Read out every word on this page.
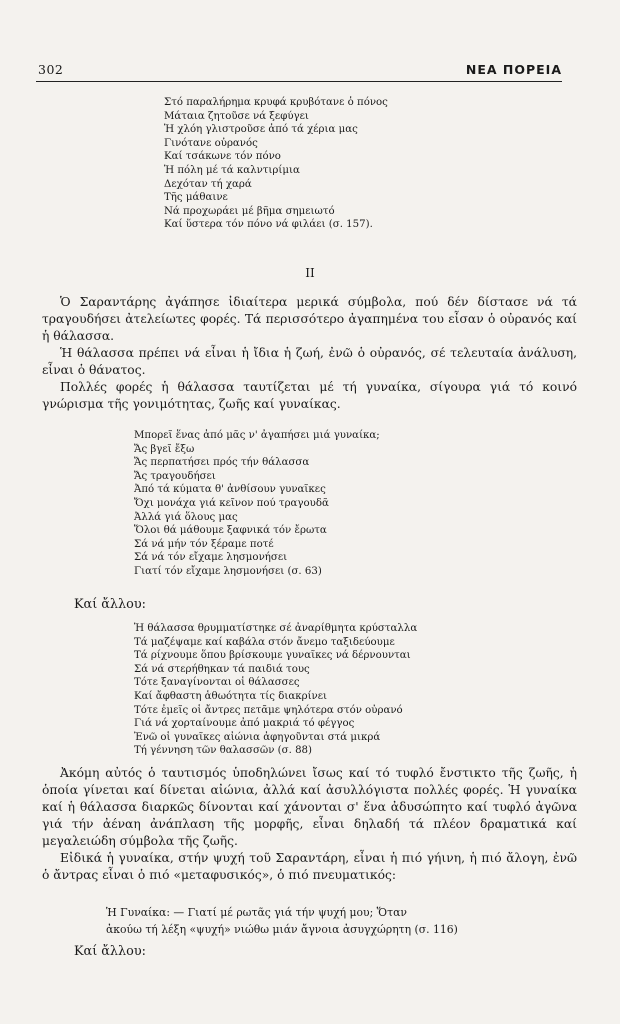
302	ΝΕΑ ΠΟΡΕΙΑ
Στό παραλήρημα κρυφά κρυβότανε ὁ πόνος
Μάταια ζητοῦσε νά ξεφύγει
Ἡ χλόη γλιστροῦσε ἀπό τά χέρια μας
Γινότανε οὐρανός
Καί τσάκωνε τόν πόνο
Ἡ πόλη μέ τά καλντιρίμια
Δεχόταν τή χαρά
Τῆς μάθαινε
Νά προχωράει μέ βῆμα σημειωτό
Καί ὕστερα τόν πόνο νά φιλάει (σ. 157).
II

Ὁ Σαραντάρης ἀγάπησε ἰδιαίτερα μερικά σύμβολα, πού δέν δίστασε νά τά τραγουδήσει ἀτελείωτες φορές. Τά περισσότερο ἀγαπημένα του εἶσαν ὁ οὐρανός καί ἡ θάλασσα.

Ἡ θάλασσα πρέπει νά εἶναι ἡ ἴδια ἡ ζωή, ἐνῶ ὁ οὐρανός, σέ τελευταία ἀνάλυση, εἶναι ὁ θάνατος.

Πολλές φορές ἡ θάλασσα ταυτίζεται μέ τή γυναίκα, σίγουρα γιά τό κοινό γνώρισμα τῆς γονιμότητας, ζωῆς καί γυναίκας.

Μπορεῖ ἕνας ἀπό μᾶς ν' ἀγαπήσει μιά γυναίκα;
Ἄς βγεῖ ἔξω
Ἄς περπατήσει πρός τήν θάλασσα
Ἄς τραγουδήσει
Ἀπό τά κύματα θ' ἀνθίσουν γυναῖκες
Ὄχι μονάχα γιά κεῖνον πού τραγουδᾶ
Ἀλλά γιά ὅλους μας
Ὅλοι θά μάθουμε ξαφνικά τόν ἔρωτα
Σά νά μήν τόν ξέραμε ποτέ
Σά νά τόν εἴχαμε λησμονήσει
Γιατί τόν εἴχαμε λησμονήσει (σ. 63)
Καί ἄλλου:
Ἡ θάλασσα θρυμματίστηκε σέ ἀναρίθμητα κρύσταλλα
Τά μαζέψαμε καί καβάλα στόν ἄνεμο ταξιδεύουμε
Τά ρίχνουμε ὅπου βρίσκουμε γυναῖκες νά δέρνουνται
Σά νά στερήθηκαν τά παιδιά τους
Τότε ξαναγίνονται οἱ θάλασσες
Καί ἄφθαστη ἁθωότητα τίς διακρίνει
Τότε ἐμεῖς οἱ ἄντρες πετᾶμε ψηλότερα στόν οὐρανό
Γιά νά χορταίνουμε ἀπό μακριά τό φέγγος
Ἐνῶ οἱ γυναῖκες αἰώνια ἀφηγοῦνται στά μικρά
Τή γέννηση τῶν θαλασσῶν (σ. 88)

Ἀκόμη αὐτός ὁ ταυτισμός ὑποδηλώνει ἴσως καί τό τυφλό ἔνστικτο τῆς ζωῆς, ἡ ὁποία γίνεται καί δίνεται αἰώνια, ἀλλά καί ἀσυλλόγιστα πολλές φορές. Ἡ γυναίκα καί ἡ θάλασσα διαρκῶς δίνονται καί χάνονται σ' ἕνα ἀδυσώπητο καί τυφλό ἀγῶνα γιά τήν ἀέναη ἀνάπλαση τῆς μορφῆς, εἶναι δηλαδή τά πλέον δραματικά καί μεγαλειώδη σύμβολα τῆς ζωῆς.

Εἰδικά ἡ γυναίκα, στήν ψυχή τοῦ Σαραντάρη, εἶναι ἡ πιό γήινη, ἡ πιό ἄλογη, ἐνῶ ὁ ἄντρας εἶναι ὁ πιό «μεταφυσικός», ὁ πιό πνευματικός:

Ἡ Γυναίκα: — Γιατί μέ ρωτᾶς γιά τήν ψυχή μου; Ὅταν
ἀκούω τή λέξη «ψυχή» νιώθω μιάν ἄγνοια ἀσυγχώρητη (σ. 116)
Καί ἄλλου:
